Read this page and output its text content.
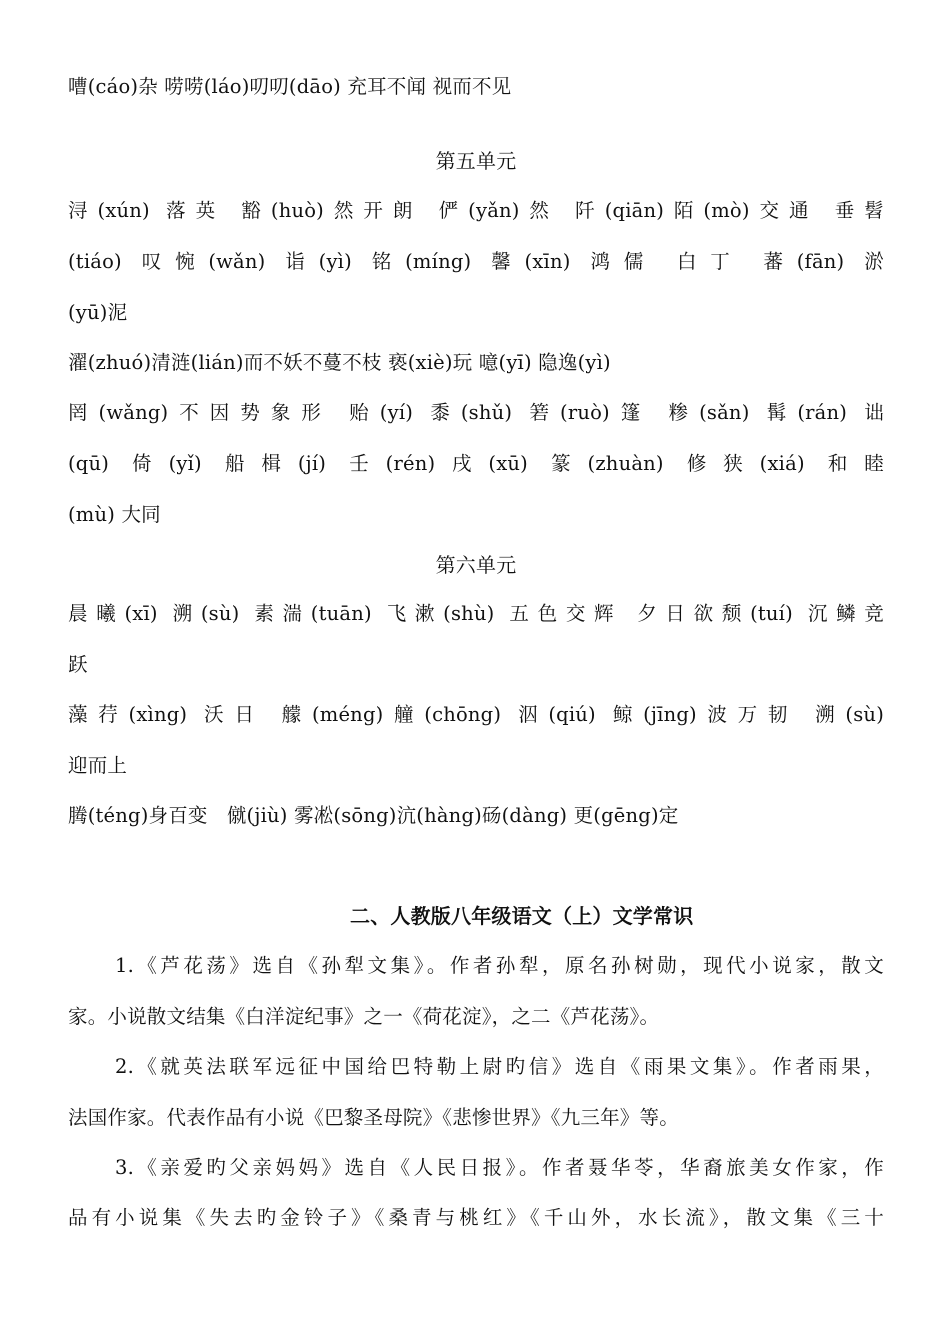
嘈(cáo)杂 唠唠(láo)叨叨(dāo) 充耳不闻 视而不见
第五单元
浔(xún) 落英 豁(huò)然开朗 俨(yǎn)然 阡(qiān)陌(mò)交通 垂髫
(tiáo) 叹惋(wǎn) 诣(yì) 铭(míng) 馨(xīn) 鸿儒 白丁 蕃(fān) 淤
(yū)泥
濯(zhuó)清涟(lián)而不妖不蔓不枝 亵(xiè)玩 噫(yī) 隐逸(yì)
罔(wǎng)不因势象形 贻(yí) 黍(shǔ) 箬(ruò)篷 糁(sǎn) 髯(rán) 诎
(qū) 倚(yǐ) 船楫(jí) 壬(rén)戌(xū) 篆(zhuàn) 修狭(xiá) 和睦
(mù) 大同
第六单元
晨曦(xī) 溯(sù) 素湍(tuān) 飞漱(shù) 五色交辉 夕日欲颓(tuí) 沉鳞竞
跃
藻荇(xìng) 沃日 艨(méng)艟(chōng) 泅(qiú) 鲸(jīng)波万韧 溯(sù)
迎而上
腾(téng)身百变   僦(jiù) 雾凇(sōng)沆(hàng)砀(dàng) 更(gēng)定
二、人教版八年级语文（上）文学常识
1.《芦花荡》选自《孙犁文集》。作者孙犁，原名孙树勋，现代小说家，散文
家。小说散文结集《白洋淀纪事》之一《荷花淀》，之二《芦花荡》。
2.《就英法联军远征中国给巴特勒上尉旳信》选自《雨果文集》。作者雨果，
法国作家。代表作品有小说《巴黎圣母院》《悲惨世界》《九三年》等。
3.《亲爱旳父亲妈妈》选自《人民日报》。作者聂华苓，华裔旅美女作家，作
品有小说集《失去旳金铃子》《桑青与桃红》《千山外，水长流》，散文集《三十
